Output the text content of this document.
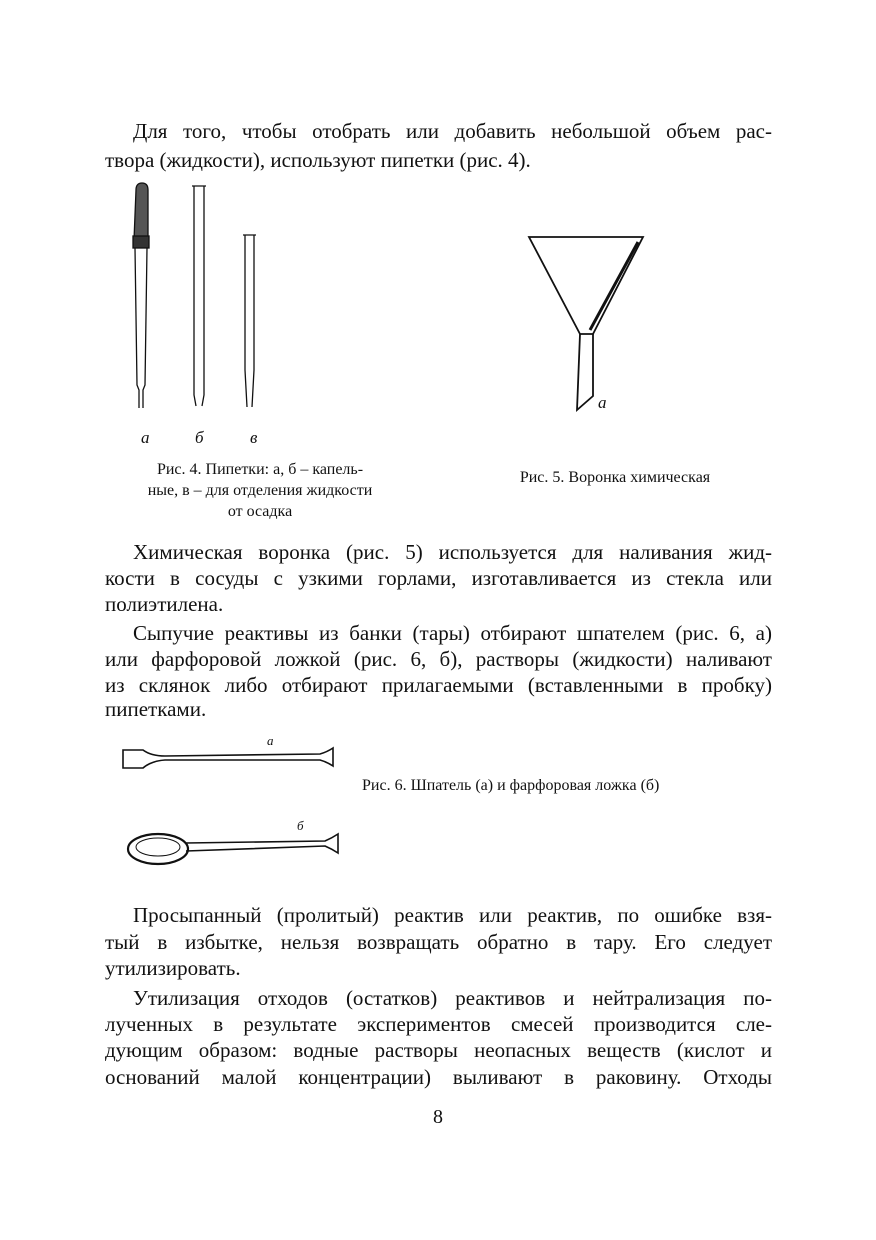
Для того, чтобы отобрать или добавить небольшой объем рас-
твора (жидкости), используют пипетки (рис. 4).
а	б	в
Рис. 4. Пипетки: а, б – капель-
ные, в – для отделения жидкости
от осадка
а
Рис. 5. Воронка химическая
Химическая воронка (рис. 5) используется для наливания жид-
кости в сосуды с узкими горлами, изготавливается из стекла или
полиэтилена.
Сыпучие реактивы из банки (тары) отбирают шпателем (рис. 6, а)
или фарфоровой ложкой (рис. 6, б), растворы (жидкости) наливают
из склянок либо отбирают прилагаемыми (вставленными в пробку)
пипетками.
а
б
Рис. 6. Шпатель (а) и фарфоровая ложка (б)
Просыпанный (пролитый) реактив или реактив, по ошибке взя-
тый в избытке, нельзя возвращать обратно в тару. Его следует
утилизировать.
Утилизация отходов (остатков) реактивов и нейтрализация по-
лученных в результате экспериментов смесей производится сле-
дующим образом: водные растворы неопасных веществ (кислот и
оснований малой концентрации) выливают в раковину. Отходы
8
